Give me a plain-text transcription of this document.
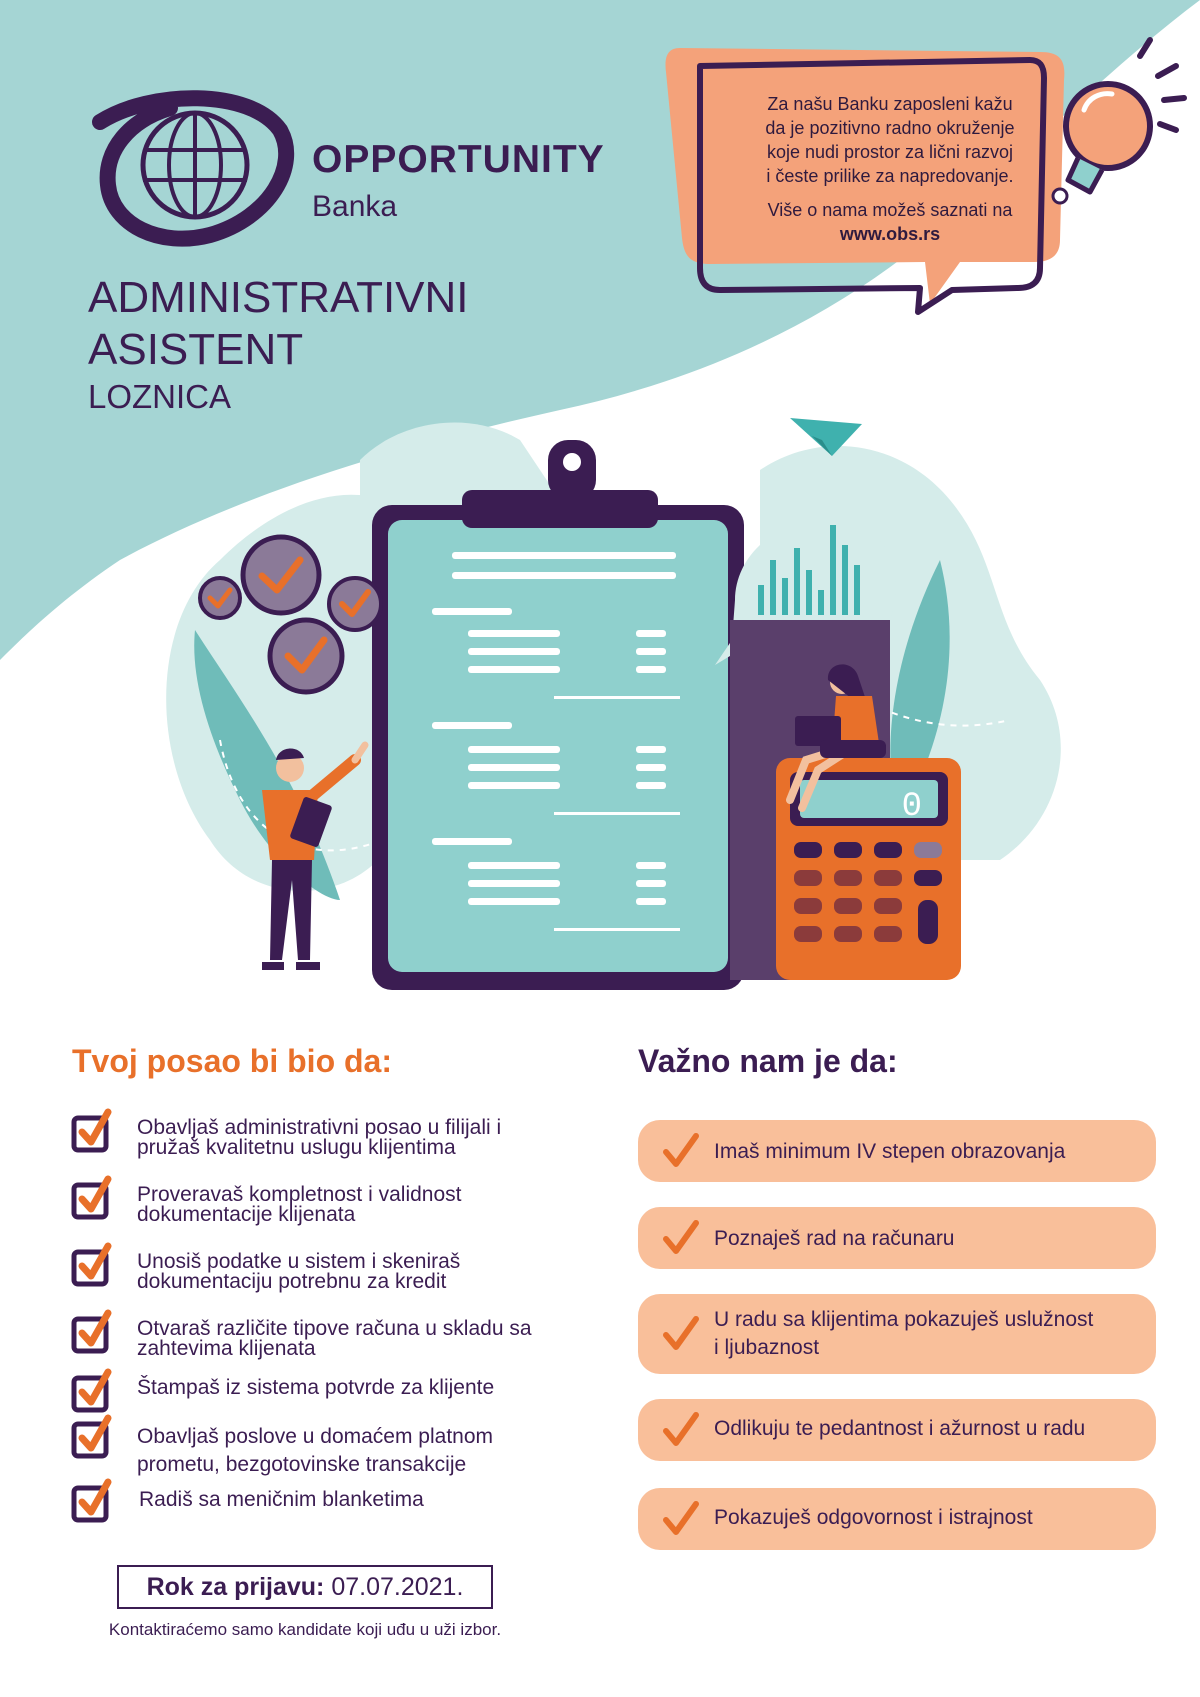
0
OPPORTUNITY
Banka
ADMINISTRATIVNI
ASISTENT
LOZNICA

Za našu Banku zaposleni kažu
da je pozitivno radno okruženje
koje nudi prostor za lični razvoj
i česte prilike za napredovanje.

Više o nama možeš saznati na
www.obs.rs

Tvoj posao bi bio da:	Važno nam je da:
Obavljaš administrativni posao u filijali i
pružaš kvalitetnu uslugu klijentima
Proveravaš kompletnost i validnost
dokumentacije klijenata
Unosiš podatke u sistem i skeniraš
dokumentaciju potrebnu za kredit
Otvaraš različite tipove računa u skladu sa
zahtevima klijenata
Štampaš iz sistema potvrde za klijente
Obavljaš poslove u domaćem platnom
prometu, bezgotovinske transakcije
Radiš sa meničnim blanketima
Imaš minimum IV stepen obrazovanja
Poznaješ rad na računaru
U radu sa klijentima pokazuješ uslužnost
i ljubaznost
Odlikuju te pedantnost i ažurnost u radu
Pokazuješ odgovornost i istrajnost
Rok za prijavu: 07.07.2021.
Kontaktiraćemo samo kandidate koji uđu u uži izbor.
